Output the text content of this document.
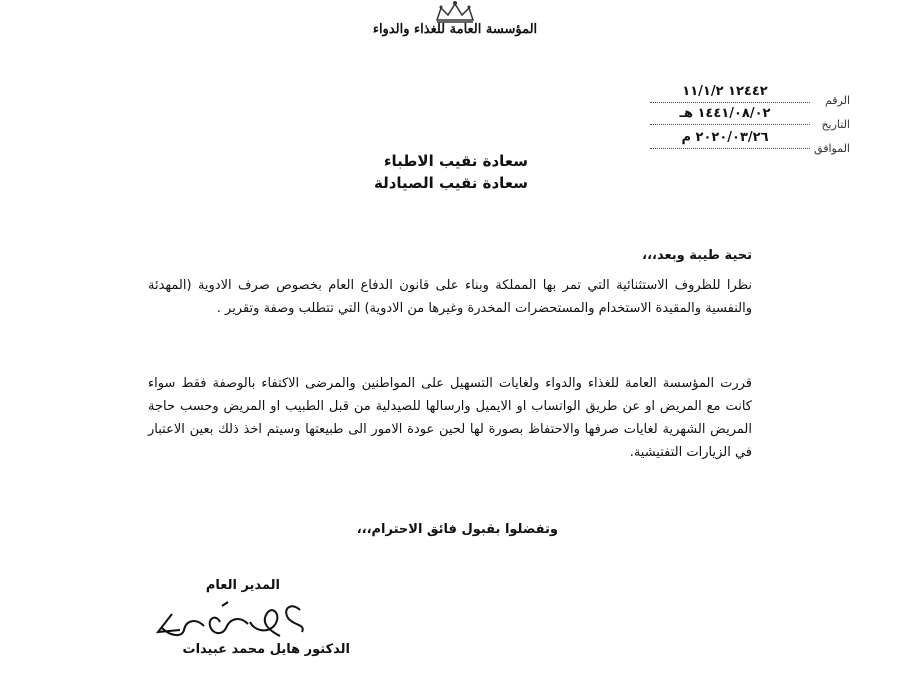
المؤسسة العامة للغذاء والدواء
الرقم
١٢٤٤٢ ١١/١/٢
التاريخ
١٤٤١/٠٨/٠٢ هـ
الموافق
٢٠٢٠/٠٣/٢٦ م
سعادة نقيب الاطباء
سعادة نقيب الصيادلة
تحية طيبة وبعد،،،

نظرا للظروف الاستثنائية التي تمر بها المملكة وبناء على قانون الدفاع العام بخصوص صرف الادوية (المهدئة والنفسية والمقيدة الاستخدام والمستحضرات المخدرة وغيرها من الادوية) التي تتطلب وصفة وتقرير .

قررت المؤسسة العامة للغذاء والدواء ولغايات التسهيل على المواطنين والمرضى الاكتفاء بالوصفة فقط سواء كانت مع المريض او عن طريق الواتساب او الايميل وارسالها للصيدلية من قبل الطبيب او المريض وحسب حاجة المريض الشهرية لغايات صرفها والاحتفاظ بصورة لها لحين عودة الامور الى طبيعتها وسيتم اخذ ذلك بعين الاعتبار في الزيارات التفتيشية.

وتفضلوا بقبول فائق الاحترام،،،
المدير العام
الدكتور هايل محمد عبيدات
